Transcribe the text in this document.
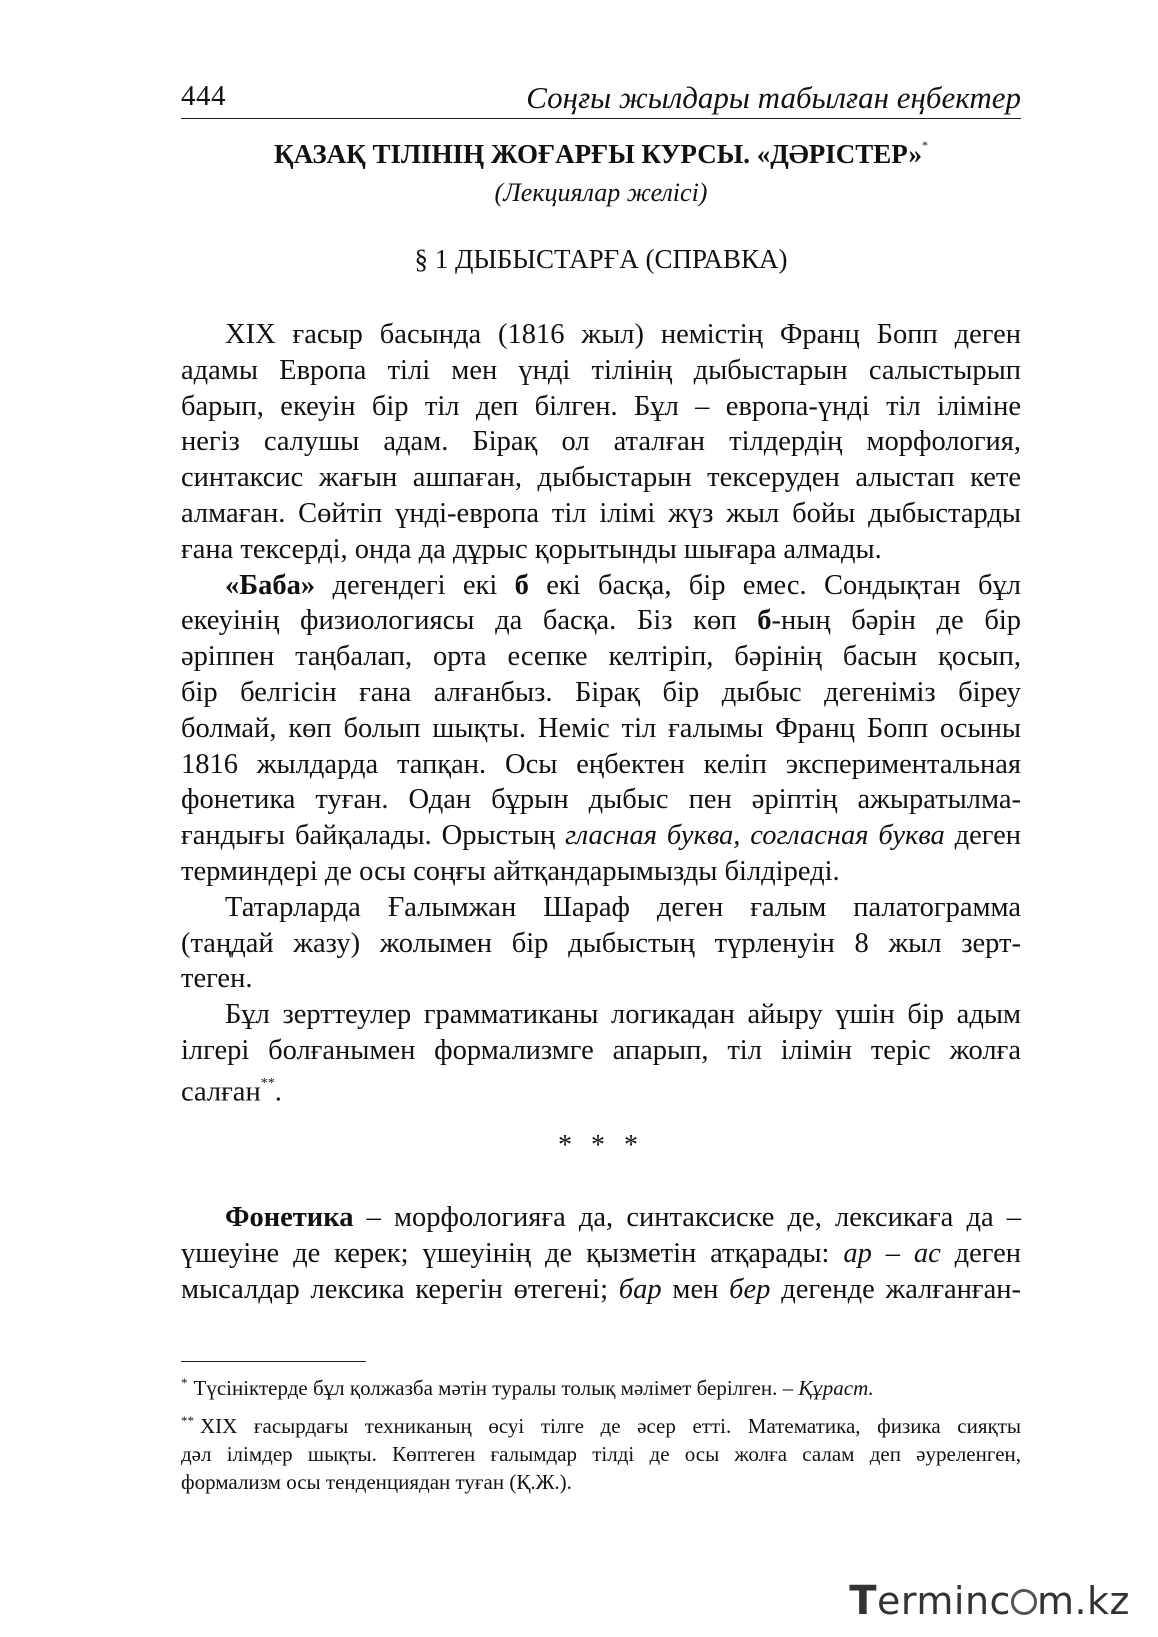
444	Соңғы жылдары табылған еңбектер
ҚАЗАҚ ТІЛІНІҢ ЖОҒАРҒЫ КУРСЫ. «ДӘРІСТЕР»*
(Лекциялар желісі)
§ 1 ДЫБЫСТАРҒА (СПРАВКА)
XIX ғасыр басында (1816 жыл) немістің Франц Бопп деген
адамы Европа тілі мен үнді тілінің дыбыстарын салыстырып
барып, екеуін бір тіл деп білген. Бұл – европа-үнді тіл іліміне
негіз салушы адам. Бірақ ол аталған тілдердің морфология,
синтаксис жағын ашпаған, дыбыстарын тексеруден алыстап кете
алмаған. Сөйтіп үнді-европа тіл ілімі жүз жыл бойы дыбыстарды
ғана тексерді, онда да дұрыс қорытынды шығара алмады.
«Баба» дегендегі екі б екі басқа, бір емес. Сондықтан бұл
екеуінің физиологиясы да басқа. Біз көп б-ның бәрін де бір
әріппен таңбалап, орта есепке келтіріп, бәрінің басын қосып,
бір белгісін ғана алғанбыз. Бірақ бір дыбыс дегеніміз біреу
болмай, көп болып шықты. Неміс тіл ғалымы Франц Бопп осыны
1816 жылдарда тапқан. Осы еңбектен келіп экспериментальная
фонетика туған. Одан бұрын дыбыс пен әріптің ажыратылма-
ғандығы байқалады. Орыстың гласная буква, согласная буква деген
терминдері де осы соңғы айтқандарымызды білдіреді.
Татарларда Ғалымжан Шараф деген ғалым палатограмма
(таңдай жазу) жолымен бір дыбыстың түрленуін 8 жыл зерт-
теген.
Бұл зерттеулер грамматиканы логикадан айыру үшін бір адым
ілгері болғанымен формализмге апарып, тіл ілімін теріс жолға
салған**.
* * *
Фонетика – морфологияға да, синтаксиске де, лексикаға да –
үшеуіне де керек; үшеуінің де қызметін атқарады: ар – ас деген
мысалдар лексика керегін өтегені; бар мен бер дегенде жалғанған-
* Түсініктерде бұл қолжазба мәтін туралы толық мәлімет берілген. – Құраст.
** XIX ғасырдағы техниканың өсуі тілге де әсер етті. Математика, физика сияқты
дәл ілімдер шықты. Көптеген ғалымдар тілді де осы жолға салам деп әуреленген,
формализм осы тенденциядан туған (Қ.Ж.).
Terminc m.kz
